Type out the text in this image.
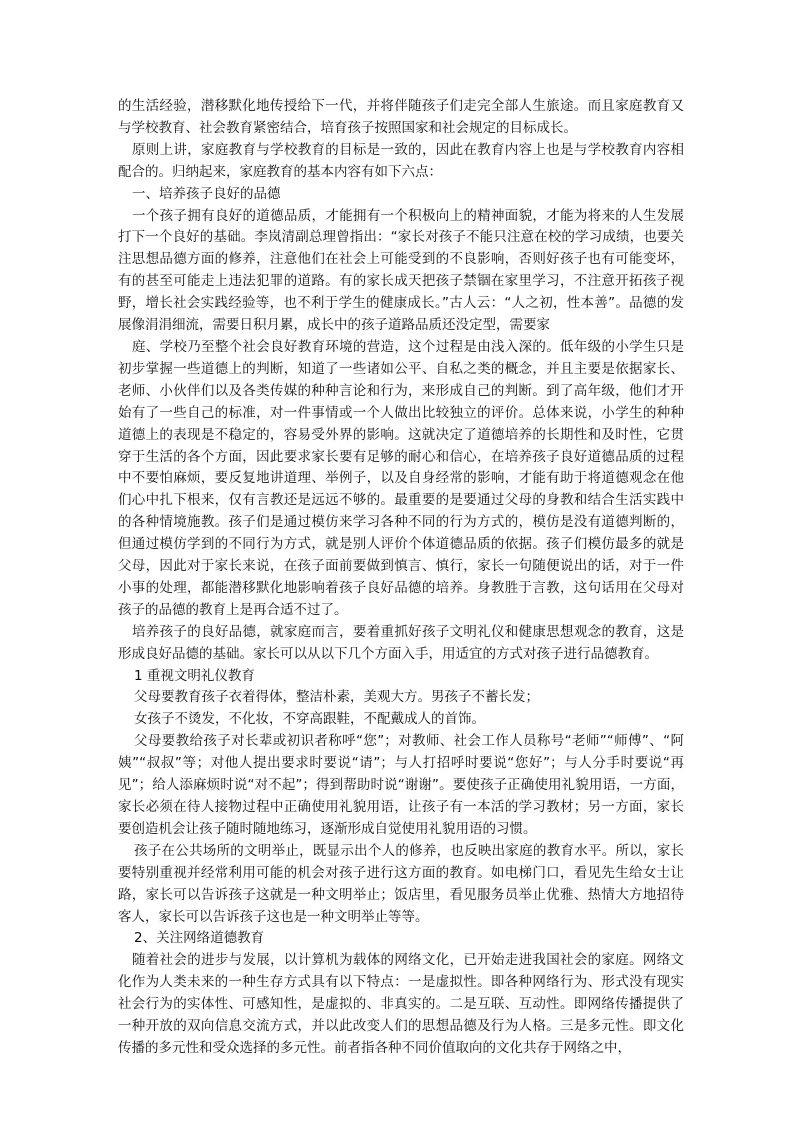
的生活经验，潜移默化地传授给下一代，并将伴随孩子们走完全部人生旅途。而且家庭教育又与学校教育、社会教育紧密结合，培育孩子按照国家和社会规定的目标成长。

原则上讲，家庭教育与学校教育的目标是一致的，因此在教育内容上也是与学校教育内容相配合的。归纳起来，家庭教育的基本内容有如下六点：

一、培养孩子良好的品德

一个孩子拥有良好的道德品质，才能拥有一个积极向上的精神面貌，才能为将来的人生发展打下一个良好的基础。李岚清副总理曾指出：“家长对孩子不能只注意在校的学习成绩，也要关注思想品德方面的修养，注意他们在社会上可能受到的不良影响，否则好孩子也有可能变坏，有的甚至可能走上违法犯罪的道路。有的家长成天把孩子禁锢在家里学习，不注意开拓孩子视野，增长社会实践经验等，也不利于学生的健康成长。”古人云：“人之初，性本善”。品德的发展像涓涓细流，需要日积月累，成长中的孩子道路品质还没定型，需要家

庭、学校乃至整个社会良好教育环境的营造，这个过程是由浅入深的。低年级的小学生只是初步掌握一些道德上的判断，知道了一些诸如公平、自私之类的概念，并且主要是依据家长、老师、小伙伴们以及各类传媒的种种言论和行为，来形成自己的判断。到了高年级，他们才开始有了一些自己的标准，对一件事情或一个人做出比较独立的评价。总体来说，小学生的种种道德上的表现是不稳定的，容易受外界的影响。这就决定了道德培养的长期性和及时性，它贯穿于生活的各个方面，因此要求家长要有足够的耐心和信心，在培养孩子良好道德品质的过程中不要怕麻烦，要反复地讲道理、举例子，以及自身经常的影响，才能有助于将道德观念在他们心中扎下根来，仅有言教还是远远不够的。最重要的是要通过父母的身教和结合生活实践中的各种情境施教。孩子们是通过模仿来学习各种不同的行为方式的，模仿是没有道德判断的，但通过模仿学到的不同行为方式，就是别人评价个体道德品质的依据。孩子们模仿最多的就是父母，因此对于家长来说，在孩子面前要做到慎言、慎行，家长一句随便说出的话，对于一件小事的处理，都能潜移默化地影响着孩子良好品德的培养。身教胜于言教，这句话用在父母对孩子的品德的教育上是再合适不过了。

培养孩子的良好品德，就家庭而言，要着重抓好孩子文明礼仪和健康思想观念的教育，这是形成良好品德的基础。家长可以从以下几个方面入手，用适宜的方式对孩子进行品德教育。

1 重视文明礼仪教育

父母要教育孩子衣着得体，整洁朴素，美观大方。男孩子不蓄长发；

女孩子不烫发，不化妆，不穿高跟鞋，不配戴成人的首饰。

父母要教给孩子对长辈或初识者称呼“您”；对教师、社会工作人员称号“老师”“师傅”、“阿姨”“叔叔”等；对他人提出要求时要说“请”；与人打招呼时要说“您好”；与人分手时要说“再见”；给人添麻烦时说“对不起”；得到帮助时说“谢谢”。要使孩子正确使用礼貌用语，一方面，家长必须在待人接物过程中正确使用礼貌用语，让孩子有一本活的学习教材；另一方面，家长要创造机会让孩子随时随地练习，逐渐形成自觉使用礼貌用语的习惯。

孩子在公共场所的文明举止，既显示出个人的修养，也反映出家庭的教育水平。所以，家长要特别重视并经常利用可能的机会对孩子进行这方面的教育。如电梯门口，看见先生给女士让路，家长可以告诉孩子这就是一种文明举止；饭店里，看见服务员举止优雅、热情大方地招待客人，家长可以告诉孩子这也是一种文明举止等等。

2、关注网络道德教育

随着社会的进步与发展，以计算机为载体的网络文化，已开始走进我国社会的家庭。网络文化作为人类未来的一种生存方式具有以下特点：一是虚拟性。即各种网络行为、形式没有现实社会行为的实体性、可感知性，是虚拟的、非真实的。二是互联、互动性。即网络传播提供了一种开放的双向信息交流方式，并以此改变人们的思想品德及行为人格。三是多元性。即文化传播的多元性和受众选择的多元性。前者指各种不同价值取向的文化共存于网络之中，
